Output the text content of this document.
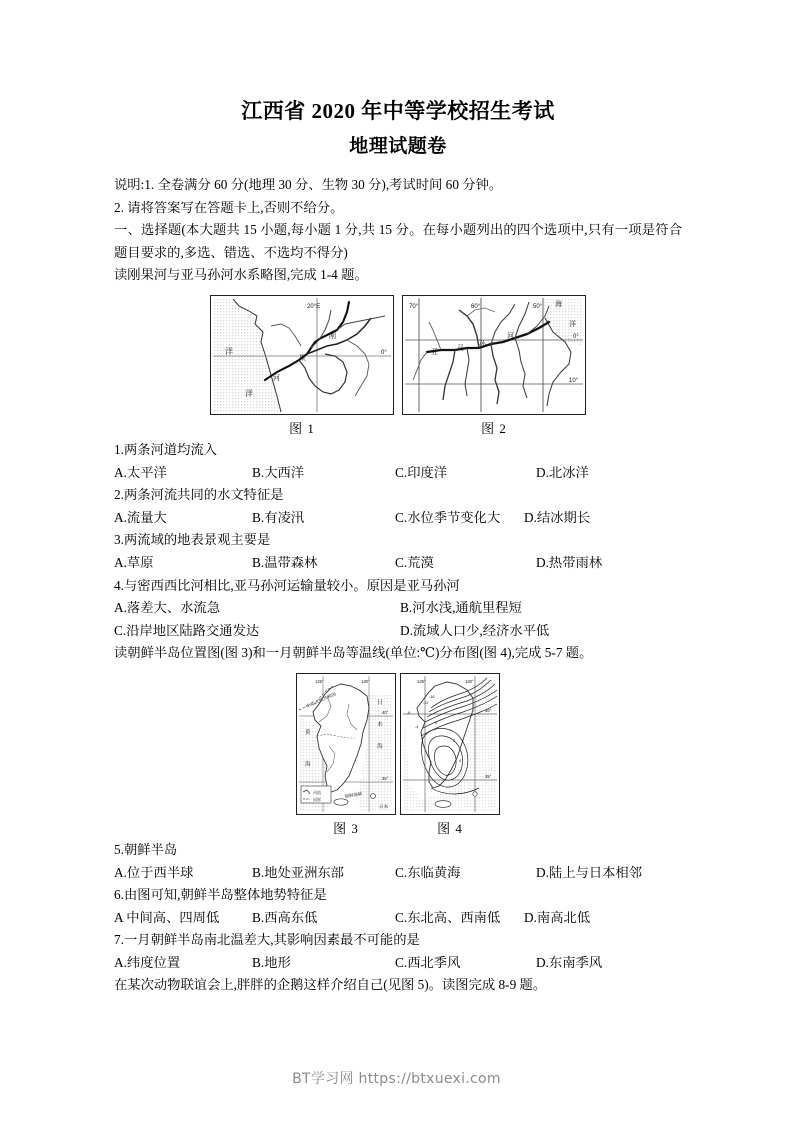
江西省 2020 年中等学校招生考试
地理试题卷

说明:1. 全卷满分 60 分(地理 30 分、生物 30 分),考试时间 60 分钟。

2. 请将答案写在答题卡上,否则不给分。

一、选择题(本大题共 15 小题,每小题 1 分,共 15 分。在每小题列出的四个选项中,只有一项是符合题目要求的,多选、错选、不选均不得分)

读刚果河与亚马孙河水系略图,完成 1-4 题。

20°E
0°
洋
洋
果
刚
河
图 1
70°	60°	50°
0°
10°
海
洋
亚	马 孙
河
图 2
1.两条河道均流入
A.太平洋	B.大西洋	C.印度洋	D.北冰洋
2.两条河流共同的水文特征是
A.流量大	B.有凌汛	C.水位季节变化大	D.结冰期长
3.两流域的地表景观主要是
A.草原	B.温带森林	C.荒漠	D.热带雨林
4.与密西西比河相比,亚马孙河运输量较小。原因是亚马孙河
A.落差大、水流急	B.河水浅,通航里程短
C.沿岸地区陆路交通发达	D.流域人口少,经济水平低

读朝鲜半岛位置图(图 3)和一月朝鲜半岛等温线(单位:℃)分布图(图 4),完成 5-7 题。

125°	130°
40°
35°
中华人民共和国	日
本
海
黄
海
朝鲜海峡
日本
河流
国界
图 3
-16
-12
-8
-4
0
2
4
125°	130°
40°
35°
图 4
5.朝鲜半岛
A.位于西半球	B.地处亚洲东部	C.东临黄海	D.陆上与日本相邻
6.由图可知,朝鲜半岛整体地势特征是
A 中间高、四周低	B.西高东低	C.东北高、西南低	D.南高北低
7.一月朝鲜半岛南北温差大,其影响因素最不可能的是
A.纬度位置	B.地形	C.西北季风	D.东南季风

在某次动物联谊会上,胖胖的企鹅这样介绍自己(见图 5)。读图完成 8-9 题。

BT学习网 https://btxuexi.com
